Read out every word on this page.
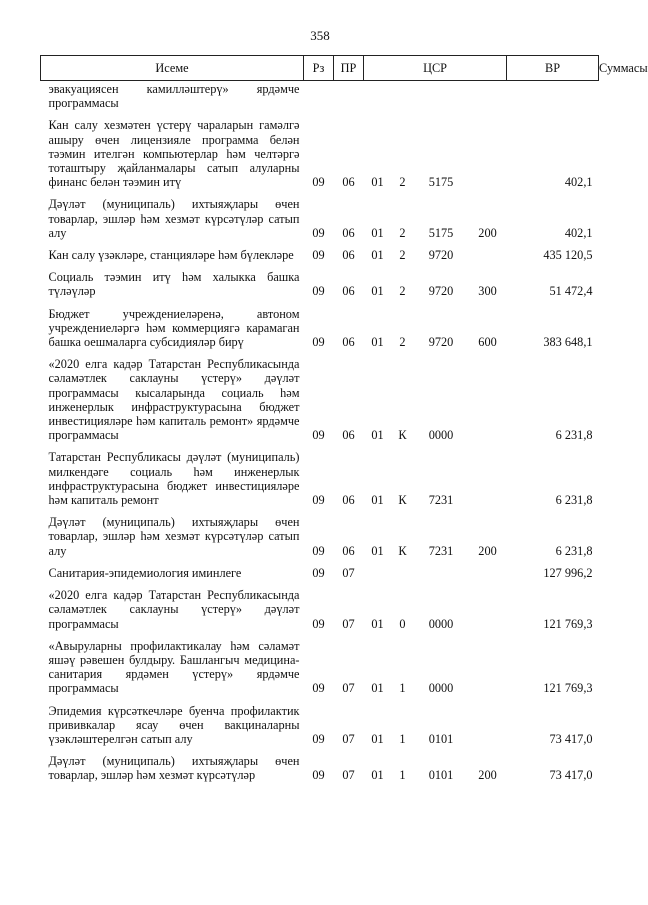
358
Исеме	Рз	ПР	ЦСР				ВР	Суммасы
эвакуациясен камилләштерү» ярдәмче программасы								
Кан салу хезмәтен үстерү чараларын гамәлгә ашыру өчен лицензияле программа белән тәэмин ителгән компьютерлар һәм челтәргә тоташтыру җайланмалары сатып алуларны финанс белән тәэмин итү	09	06	01	2	5175		402,1	
Дәүләт (муниципаль) ихтыяҗлары өчен товарлар, эшләр һәм хезмәт күрсәтүләр сатып алу	09	06	01	2	5175	200	402,1	
Кан салу үзәкләре, станцияләре һәм бүлекләре	09	06	01	2	9720		435 120,5	
Социаль тәэмин итү һәм халыкка башка түләүләр	09	06	01	2	9720	300	51 472,4	
Бюджет учреждениеләренә, автоном учреждениеләргә һәм коммерциягә карамаган башка оешмаларга субсидияләр бирү	09	06	01	2	9720	600	383 648,1	
«2020 елга кадәр Татарстан Республикасында сәламәтлек саклауны үстерү» дәүләт программасы кысаларында социаль һәм инженерлык инфраструктурасына бюджет инвестицияләре һәм капиталь ремонт» ярдәмче программасы	09	06	01	К	0000		6 231,8	
Татарстан Республикасы дәүләт (муниципаль) милкендәге социаль һәм инженерлык инфраструктурасына бюджет инвестицияләре һәм капиталь ремонт	09	06	01	К	7231		6 231,8	
Дәүләт (муниципаль) ихтыяҗлары өчен товарлар, эшләр һәм хезмәт күрсәтүләр сатып алу	09	06	01	К	7231	200	6 231,8	
Санитария-эпидемиология иминлеге	09	07					127 996,2	
«2020 елга кадәр Татарстан Республикасында сәламәтлек саклауны үстерү» дәүләт программасы	09	07	01	0	0000		121 769,3	
«Авыруларны профилактикалау һәм сәламәт яшәү рәвешен булдыру. Башлангыч медицина-санитария ярдәмен үстерү» ярдәмче программасы	09	07	01	1	0000		121 769,3	
Эпидемия күрсәткечләре буенча профилактик прививкалар ясау өчен вакциналарны үзәкләштерелгән сатып алу	09	07	01	1	0101		73 417,0	
Дәүләт (муниципаль) ихтыяҗлары өчен товарлар, эшләр һәм хезмәт күрсәтүләр	09	07	01	1	0101	200	73 417,0	
